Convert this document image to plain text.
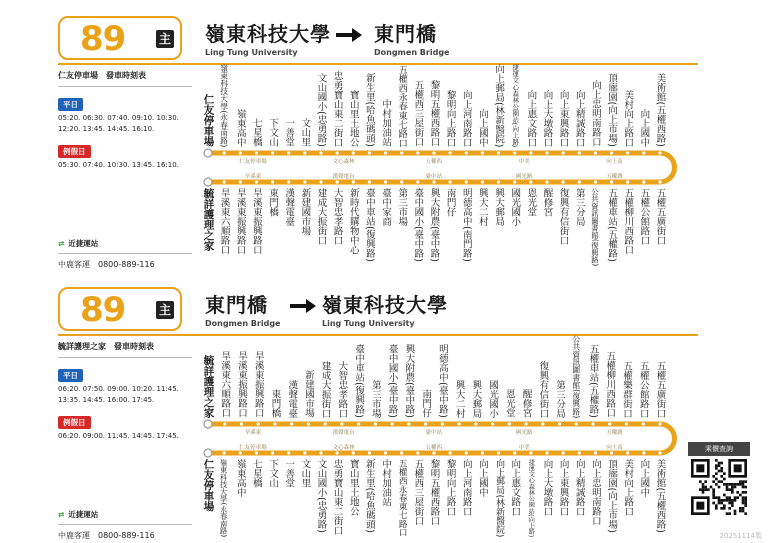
89	主 嶺東科技大學
Ling Tung University
東門橋
Dongmen Bridge
仁友停車場　發車時刻表
平日
05:20. 06:30. 07:40. 09:10. 10:30.
12:20. 13:45. 14:45. 16:10.
例假日
05:30. 07:40. 10:30. 13:45. 16:10.
⇄ 近捷運站
中鹿客運　0800-889-116
仁友停車場 嶺東科技大學(永春南路) 嶺東高中 七星橋 下文山 一善堂 文山里 文山國小(忠勇路) 忠勇寶山東二街口 寶山里土地公 新生里(哈魚碼頭) 中村加油站 五權西永春東七路口 五權西三屋街口 黎明五權西路口 黎明向上路口 向上河南路口 向上國中 向上郵局(林新醫院)	捷運文心森林公園站(向上路) 向上惠文路口 向上大墩路口 向上東興路口 向上精誠路口 向上忠明南路口 頂廍園(向上市場) 美村向上路口 向上國中 美術館(五權西路)
毓詳護理之家 旱溪東六順路口 旱溪東振興路口 旱溪東振興路口 東門橋 漢聲電臺 新建國市場 建成大振街口 大智忠孝路口 新時代購物中心 臺中車站(復興路) 臺中家商 第三市場 臺中國小(臺中路) 興大附農(臺中路) 南門仔 明德高中(南門路) 興大二村 興大郵局 國光國小 恩光堂 醒修宮 復興有信街口 第三分局 公共資訊圖書館(復興路) 五權車站(五權路) 五權柳川西路口 五權公館路口 五權五廣街口
仁友停車場	文心森林	五權西	中美	向上南
旱溪東	漢聲電台	臺中站	國光路	五權路
89	主 東門橋
Dongmen Bridge
嶺東科技大學
Ling Tung University
毓詳護理之家　發車時刻表
平日
06:20. 07:50. 09:00. 10:20. 11:45.
13:35. 14:45. 16:00. 17:45.
例假日
06:20. 09:00. 11:45. 14:45. 17:45.
⇄ 近捷運站
中鹿客運　0800-889-116
毓詳護理之家 旱溪東六順路口 旱溪東振興路口 旱溪東振興路口 東門橋 漢聲電臺 新建國市場 建成大振街口 大智忠孝路口 臺中車站(復興路) 第三市場 臺中國小(臺中路) 興大附農(臺中路) 南門仔 明德高中(臺中路) 興大二村 興大郵局 國光國小 恩光堂 醒修宮 復興有信街口 第三分局 公共資訊圖書館(復興路) 五權車站(五權路) 五權柳川西路口 五權樂群街口 五權公館路口 五權五廣街口
仁友停車場 嶺東科技大學(永春南路) 嶺東高中 七星橋 下文山 一善堂 文山里 文山國小(忠勇路) 忠勇寶山東二街口 寶山里土地公 新生里(哈魚碼頭) 中村加油站 五權西永春東七路口 五權西三屋街口 黎明五權西路口 黎明向上路口 向上河南路口 向上國中 向上郵局(林新醫院) 向上惠文路口	捷運文心森林公園站(向上路) 向上大墩路口 向上東興路口 向上精誠路口 向上忠明南路口 頂廍園(向上市場) 美村向上路口 向上國中 美術館(五權西路)
旱溪東	漢聲電台	臺中站	國光路	五權路
仁友停車場	文心森林	五權西	中美	向上南	乘價查詢
20251114製
